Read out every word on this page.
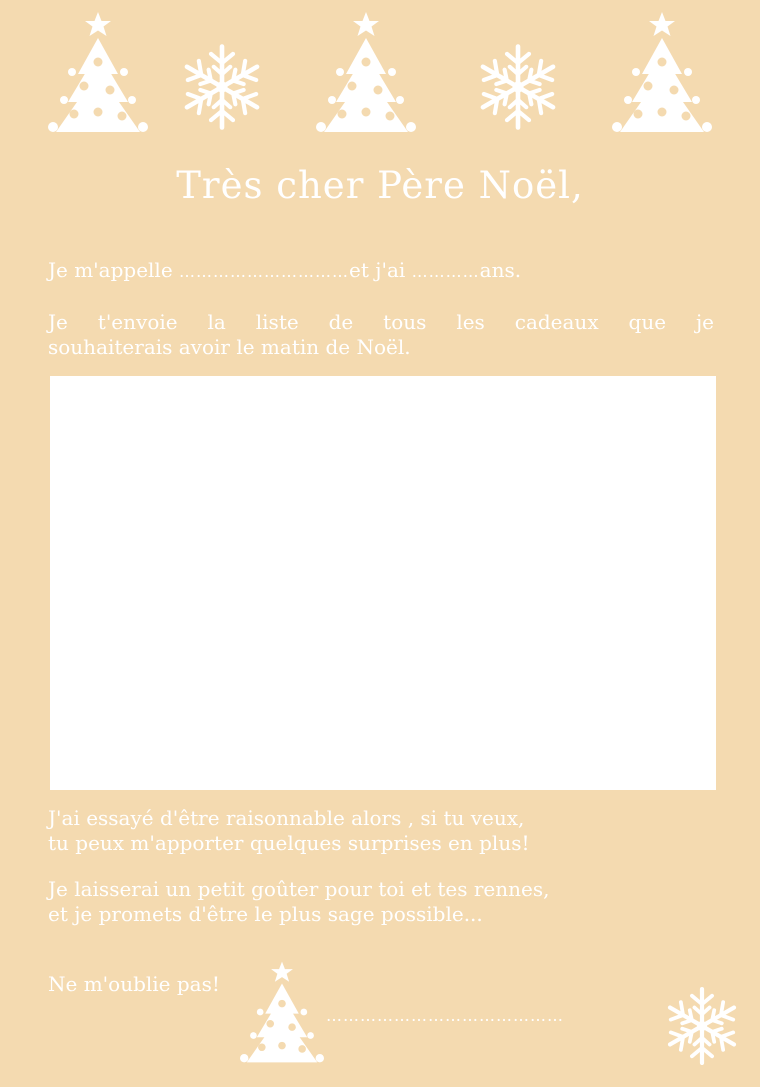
Très cher Père Noël,
Je m'appelle …………………………et j'ai …………ans.
Je t'envoie la liste de tous les cadeaux que je
souhaiterais avoir le matin de Noël.
J'ai essayé d'être raisonnable alors , si tu veux,
tu peux m'apporter quelques surprises en plus!
Je laisserai un petit goûter pour toi et tes rennes,
et je promets d'être le plus sage possible...
Ne m'oublie pas!
……………………………………
